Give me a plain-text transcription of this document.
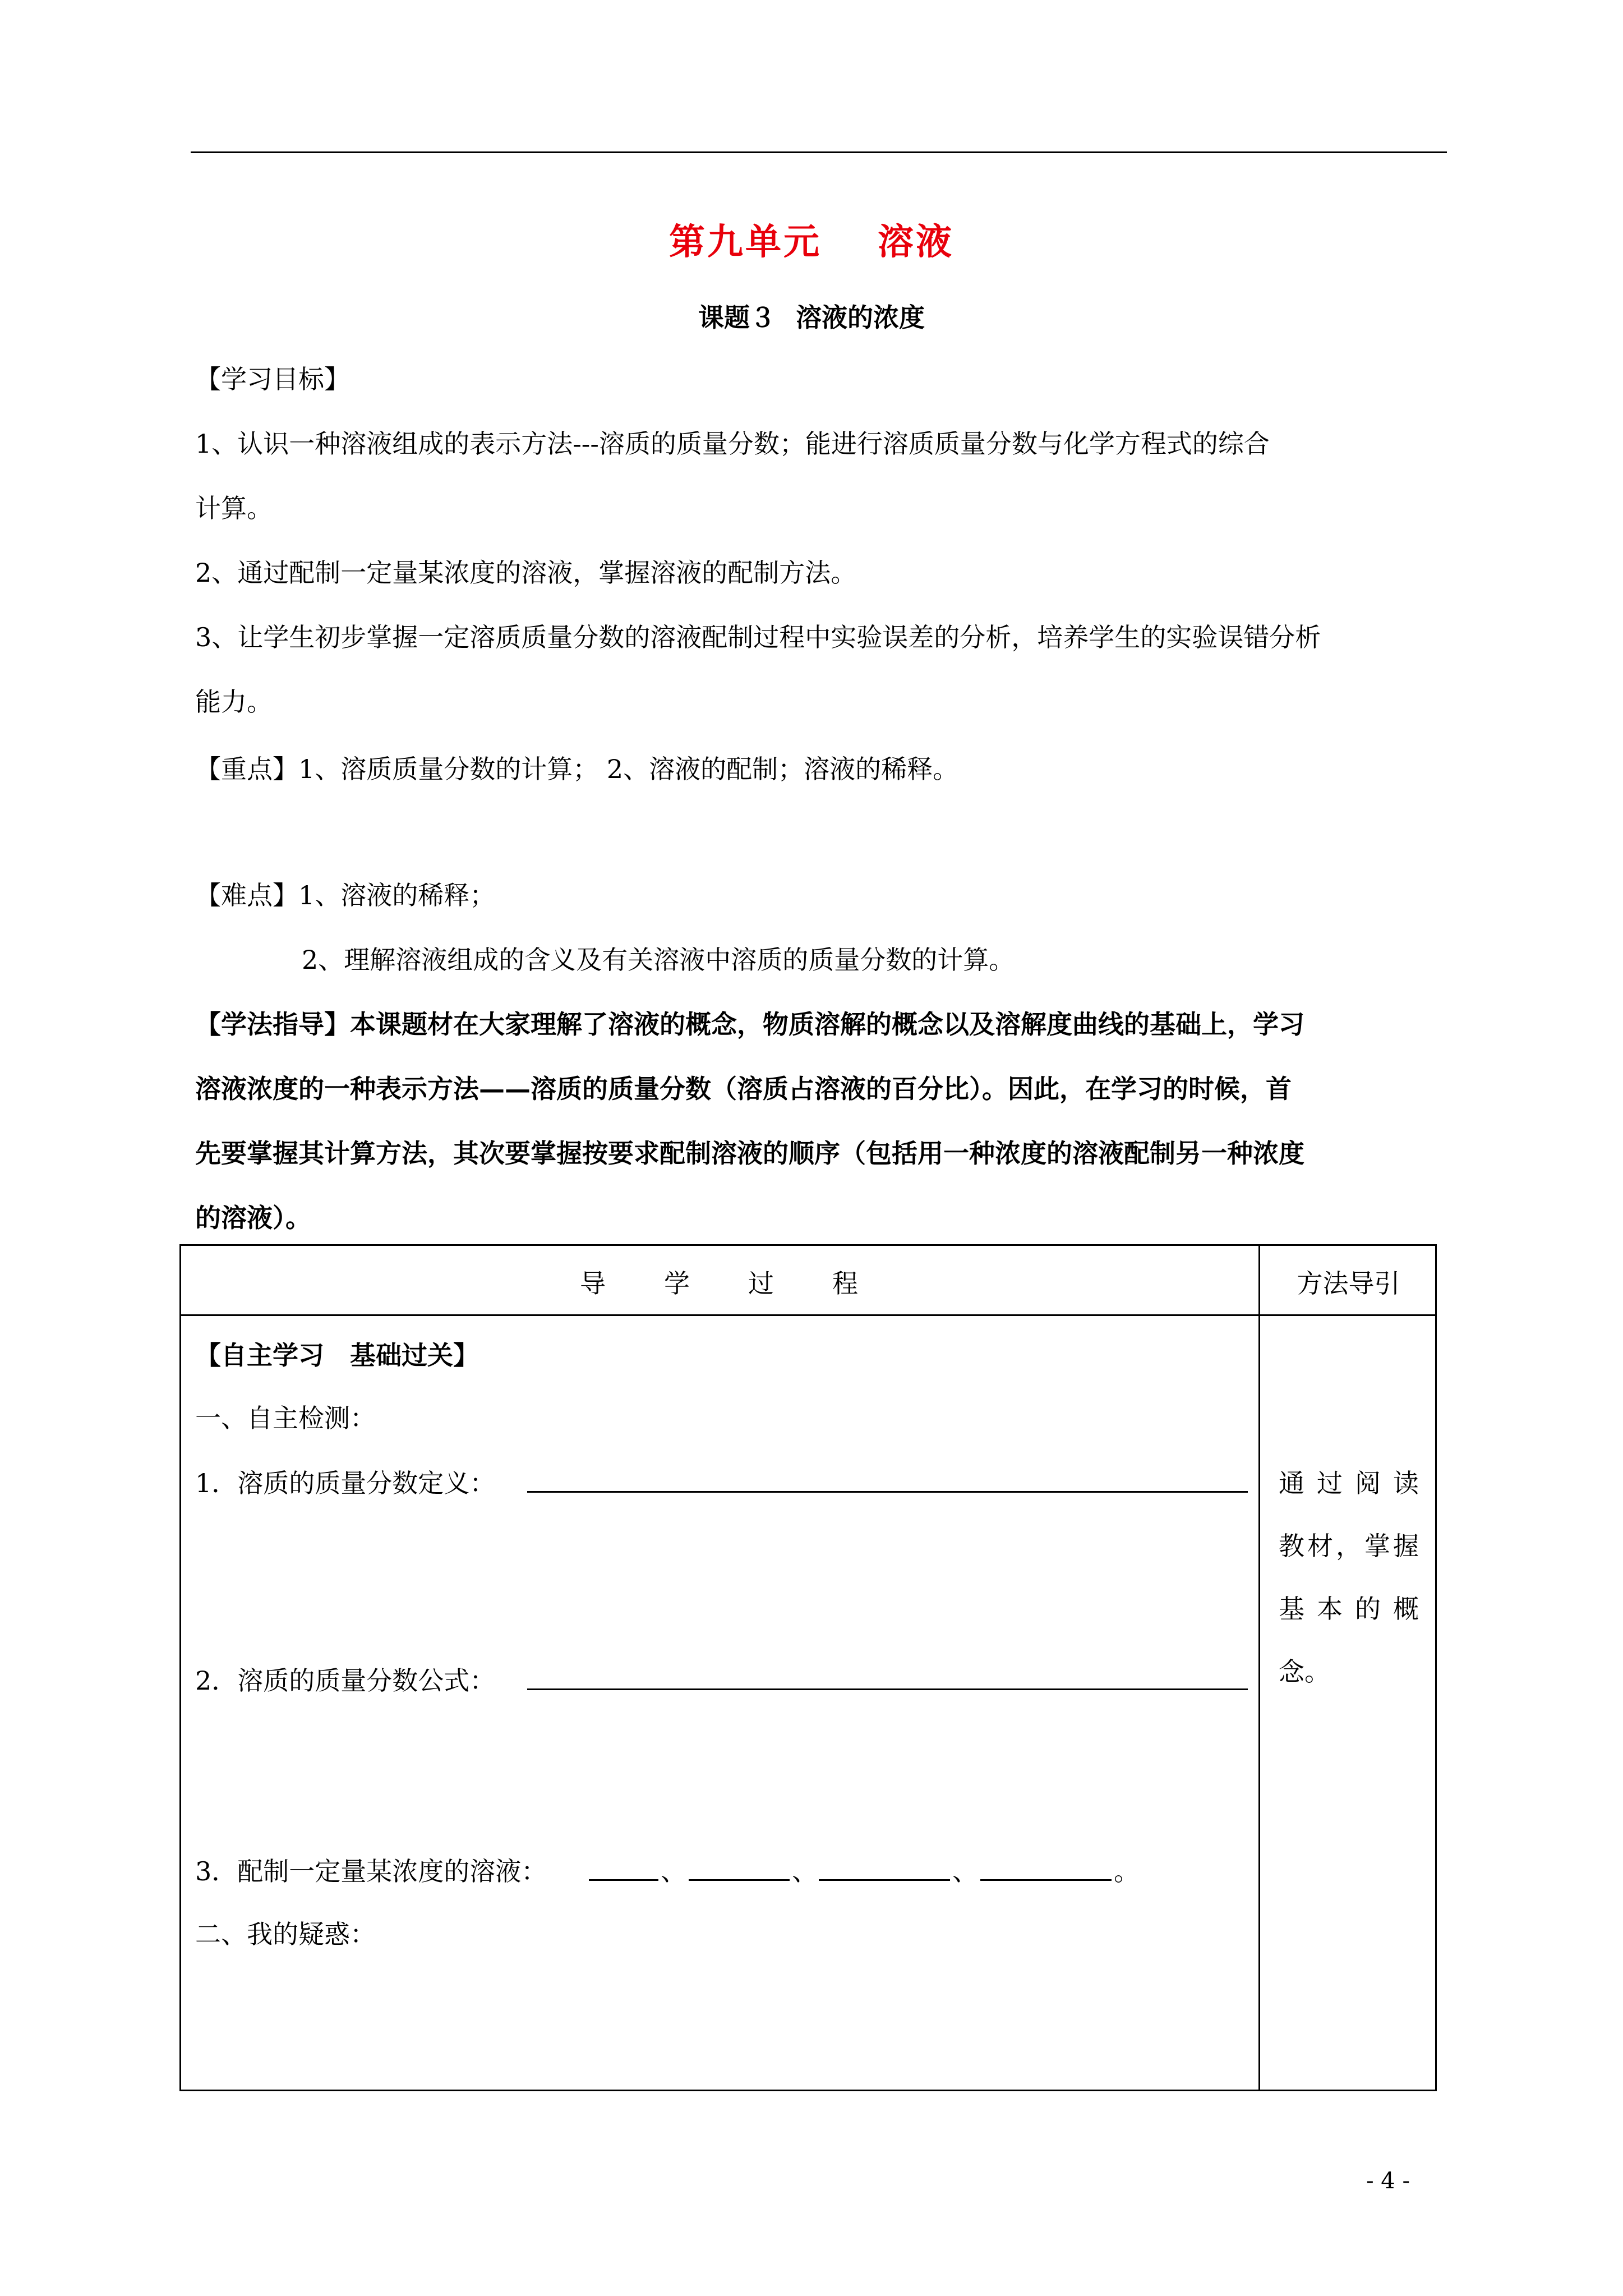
第九单元 溶液
课题３ 溶液的浓度
【学习目标】
1、认识一种溶液组成的表示方法---溶质的质量分数；能进行溶质质量分数与化学方程式的综合
计算。
2、通过配制一定量某浓度的溶液，掌握溶液的配制方法。
3、让学生初步掌握一定溶质质量分数的溶液配制过程中实验误差的分析，培养学生的实验误错分析
能力。
【重点】1、溶质质量分数的计算； 2、溶液的配制；溶液的稀释。
【难点】1、溶液的稀释；
2、理解溶液组成的含义及有关溶液中溶质的质量分数的计算。
【学法指导】本课题材在大家理解了溶液的概念，物质溶解的概念以及溶解度曲线的基础上，学习
溶液浓度的一种表示方法——溶质的质量分数（溶质占溶液的百分比）。因此，在学习的时候，首
先要掌握其计算方法，其次要掌握按要求配制溶液的顺序（包括用一种浓度的溶液配制另一种浓度
的溶液）。
导 学 过 程	方法导引
【自主学习　基础过关】
一、自主检测：
1．溶质的质量分数定义：
2．溶质的质量分数公式：
3．配制一定量某浓度的溶液：	、	、	、	。
二、我的疑惑：
通 过 阅 读
教材，掌握
基 本 的 概
念。
- 4 -
